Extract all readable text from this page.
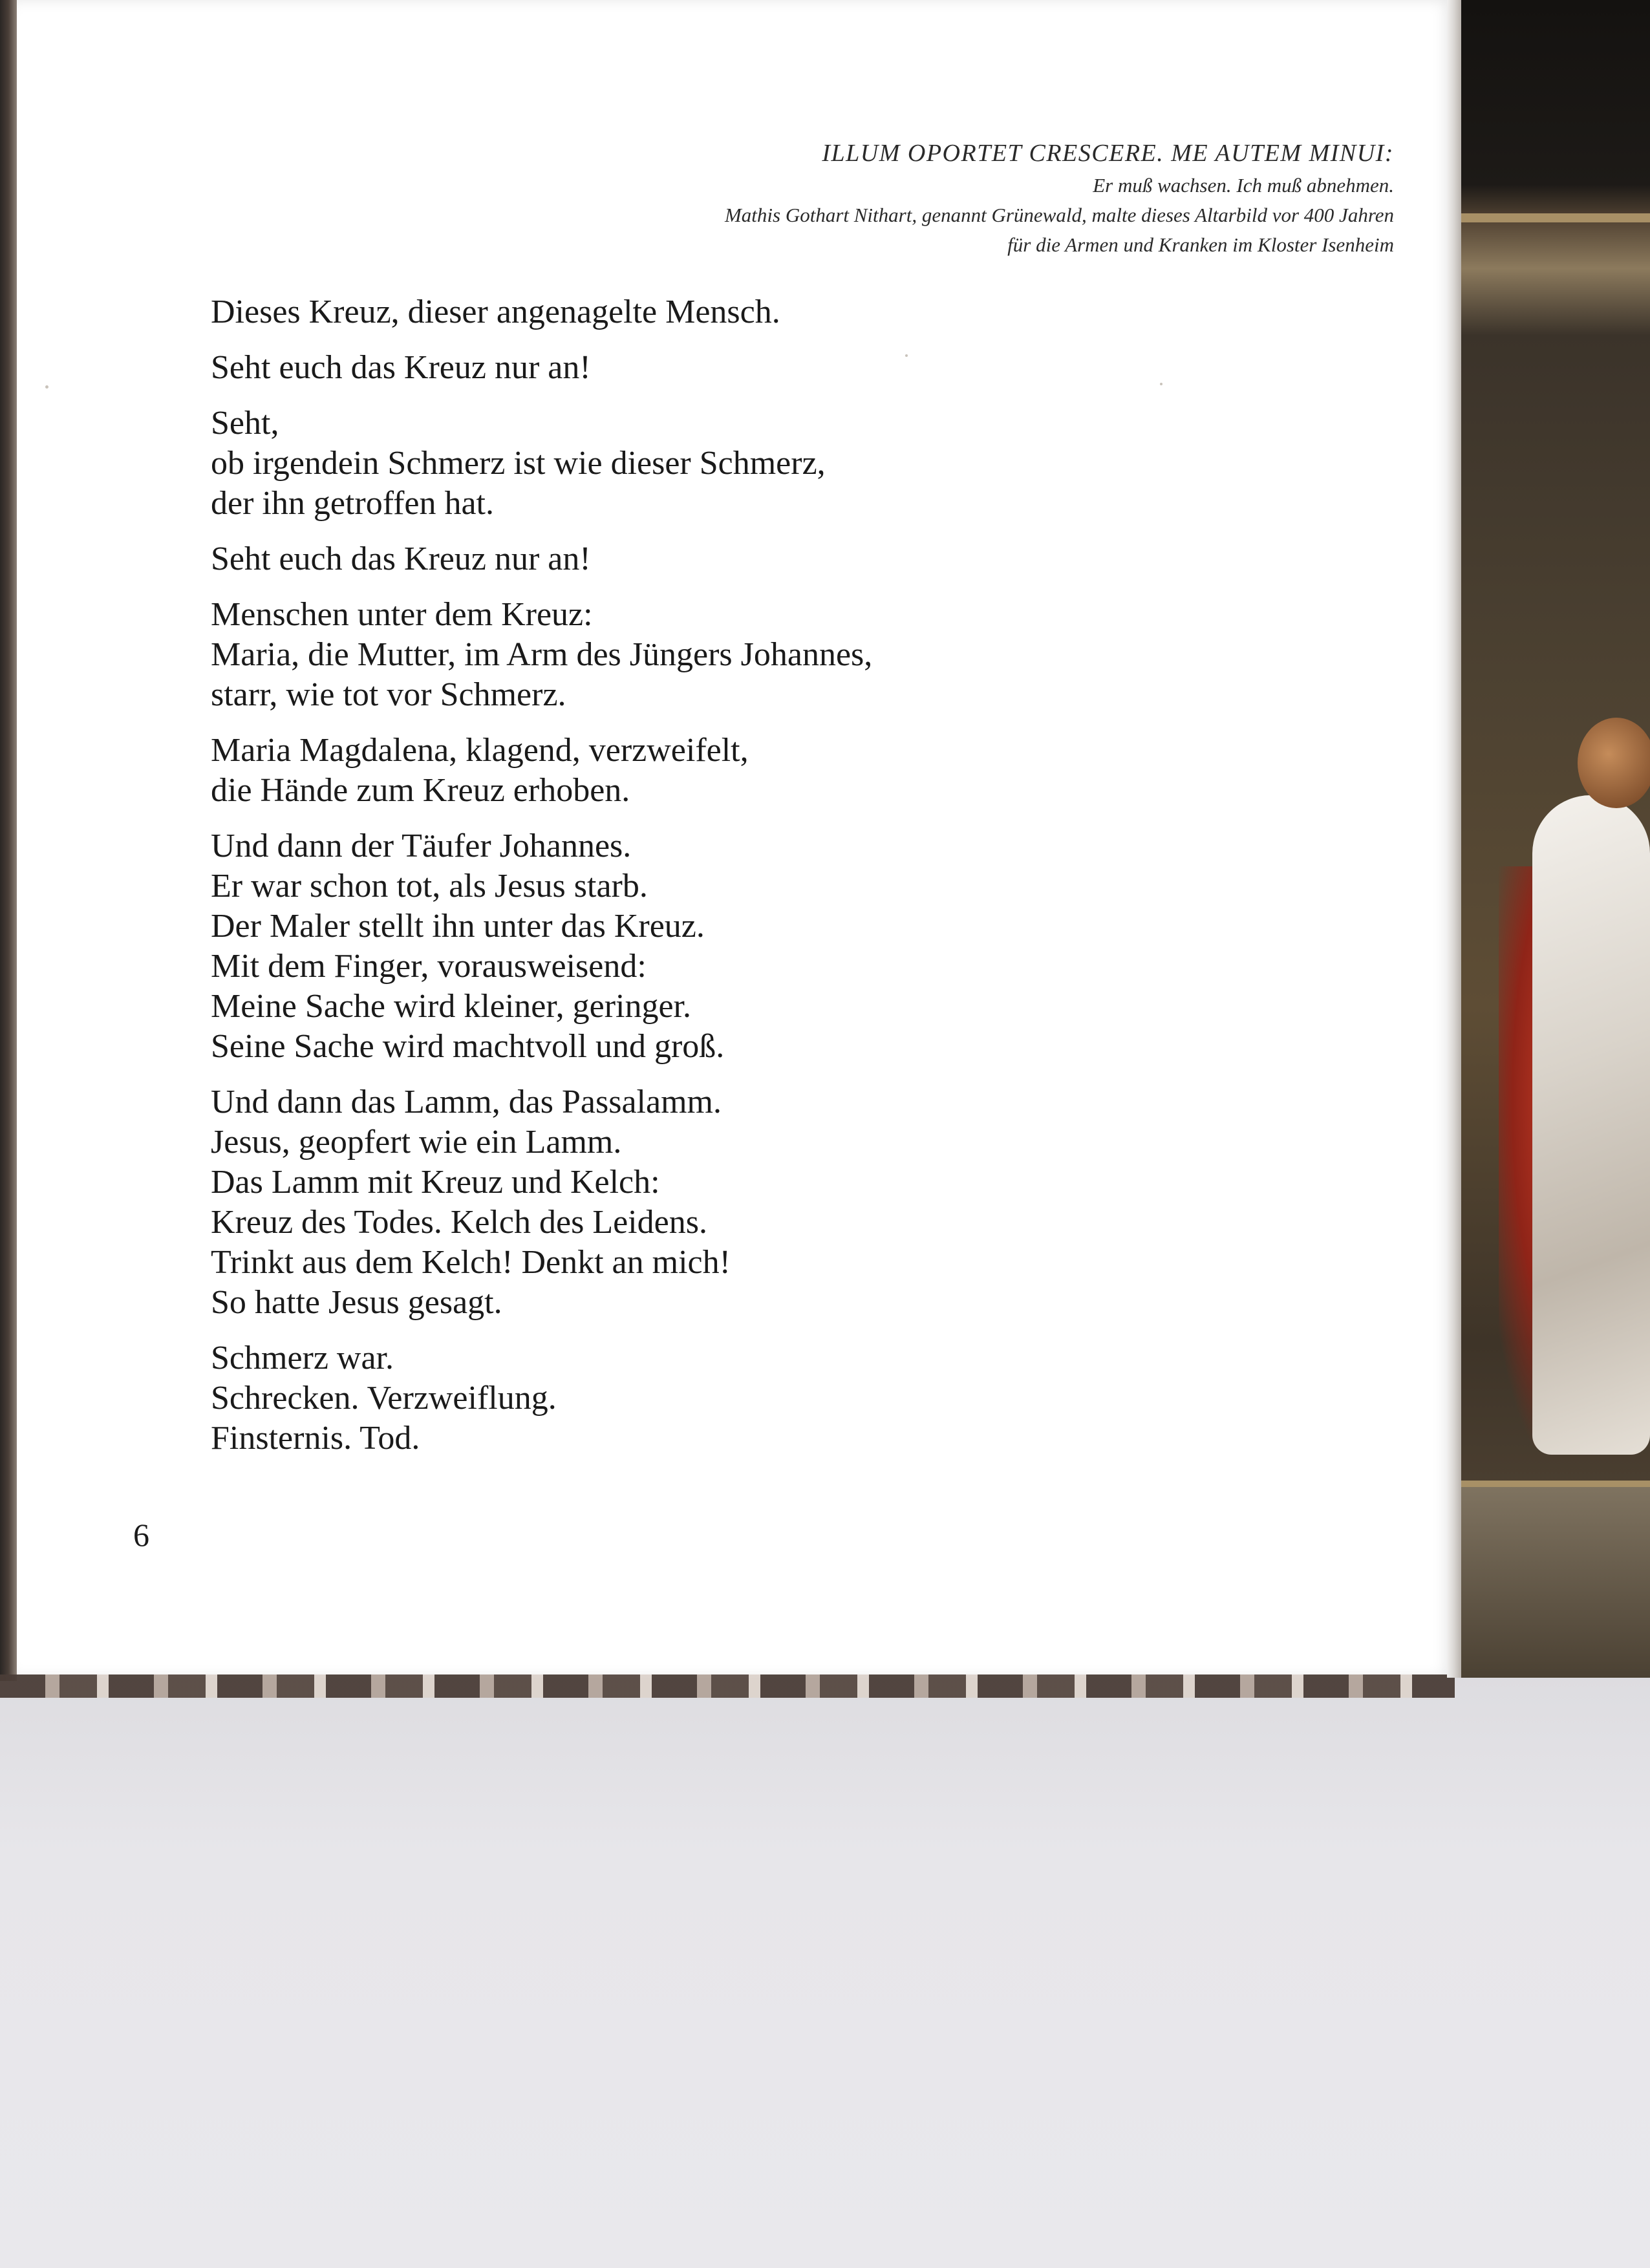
ILLUM OPORTET CRESCERE. ME AUTEM MINUI:
Er muß wachsen. Ich muß abnehmen.
Mathis Gothart Nithart, genannt Grünewald, malte dieses Altarbild vor 400 Jahren
für die Armen und Kranken im Kloster Isenheim
Dieses Kreuz, dieser angenagelte Mensch.
Seht euch das Kreuz nur an!
Seht,
ob irgendein Schmerz ist wie dieser Schmerz,
der ihn getroffen hat.
Seht euch das Kreuz nur an!
Menschen unter dem Kreuz:
Maria, die Mutter, im Arm des Jüngers Johannes,
starr, wie tot vor Schmerz.
Maria Magdalena, klagend, verzweifelt,
die Hände zum Kreuz erhoben.
Und dann der Täufer Johannes.
Er war schon tot, als Jesus starb.
Der Maler stellt ihn unter das Kreuz.
Mit dem Finger, vorausweisend:
Meine Sache wird kleiner, geringer.
Seine Sache wird machtvoll und groß.
Und dann das Lamm, das Passalamm.
Jesus, geopfert wie ein Lamm.
Das Lamm mit Kreuz und Kelch:
Kreuz des Todes. Kelch des Leidens.
Trinkt aus dem Kelch! Denkt an mich!
So hatte Jesus gesagt.
Schmerz war.
Schrecken. Verzweiflung.
Finsternis. Tod.
6
